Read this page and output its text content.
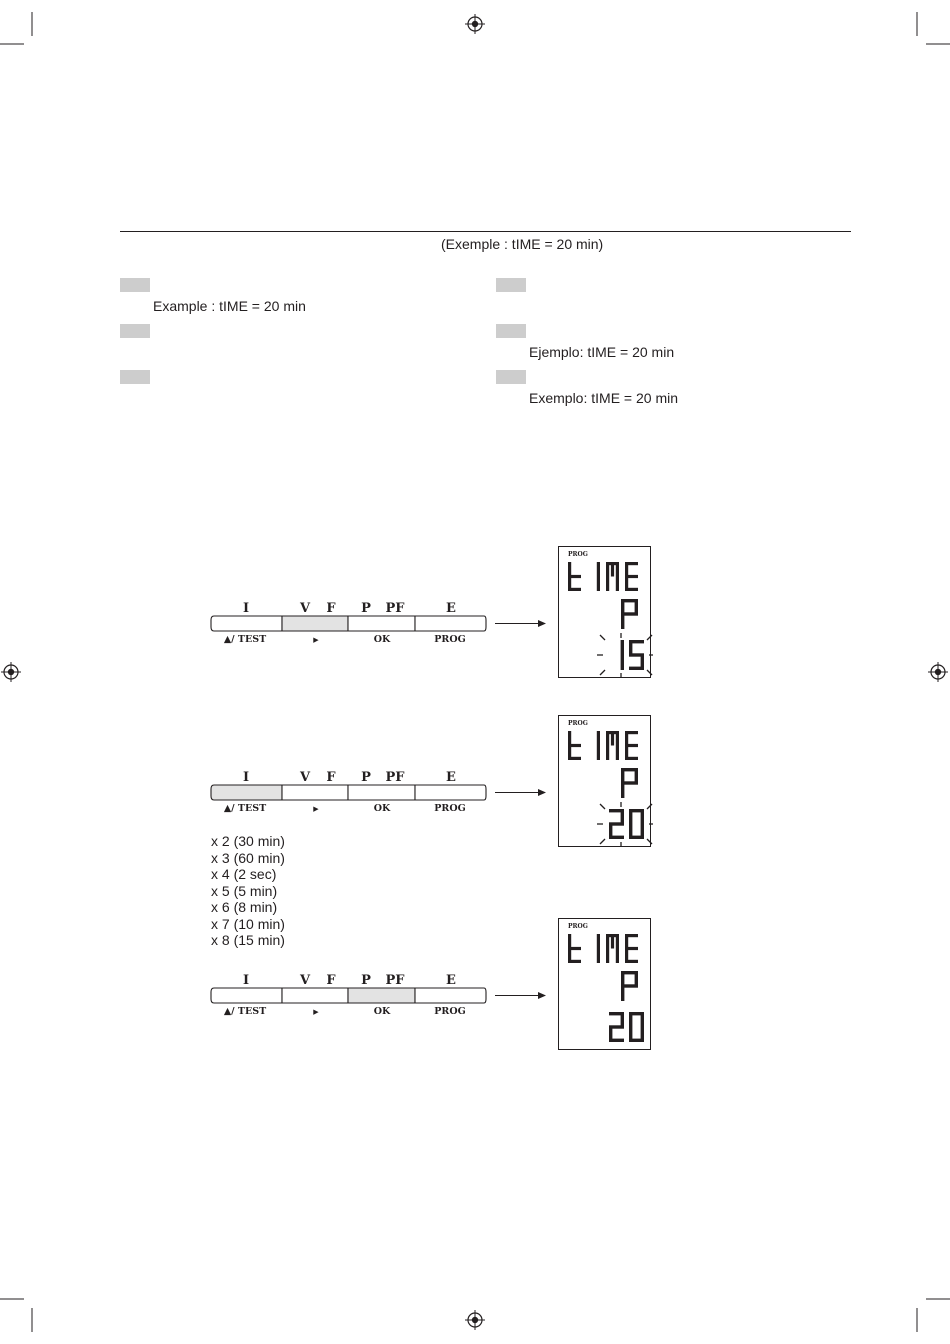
(Exemple : tIME = 20 min)
Example : tIME = 20 min
Ejemplo: tIME = 20 min
Exemplo: tIME = 20 min
I	V F P PF	E
▲/ TEST	▶	OK	PROG
I	V F P PF	E
▲/ TEST	▶	OK	PROG
I	V F P PF	E
▲/ TEST	▶	OK	PROG
x 2 (30 min)
x 3 (60 min)
x 4 (2 sec)
x 5 (5 min)
x 6 (8 min)
x 7 (10 min)
x 8 (15 min)
PROG
PROG
PROG
